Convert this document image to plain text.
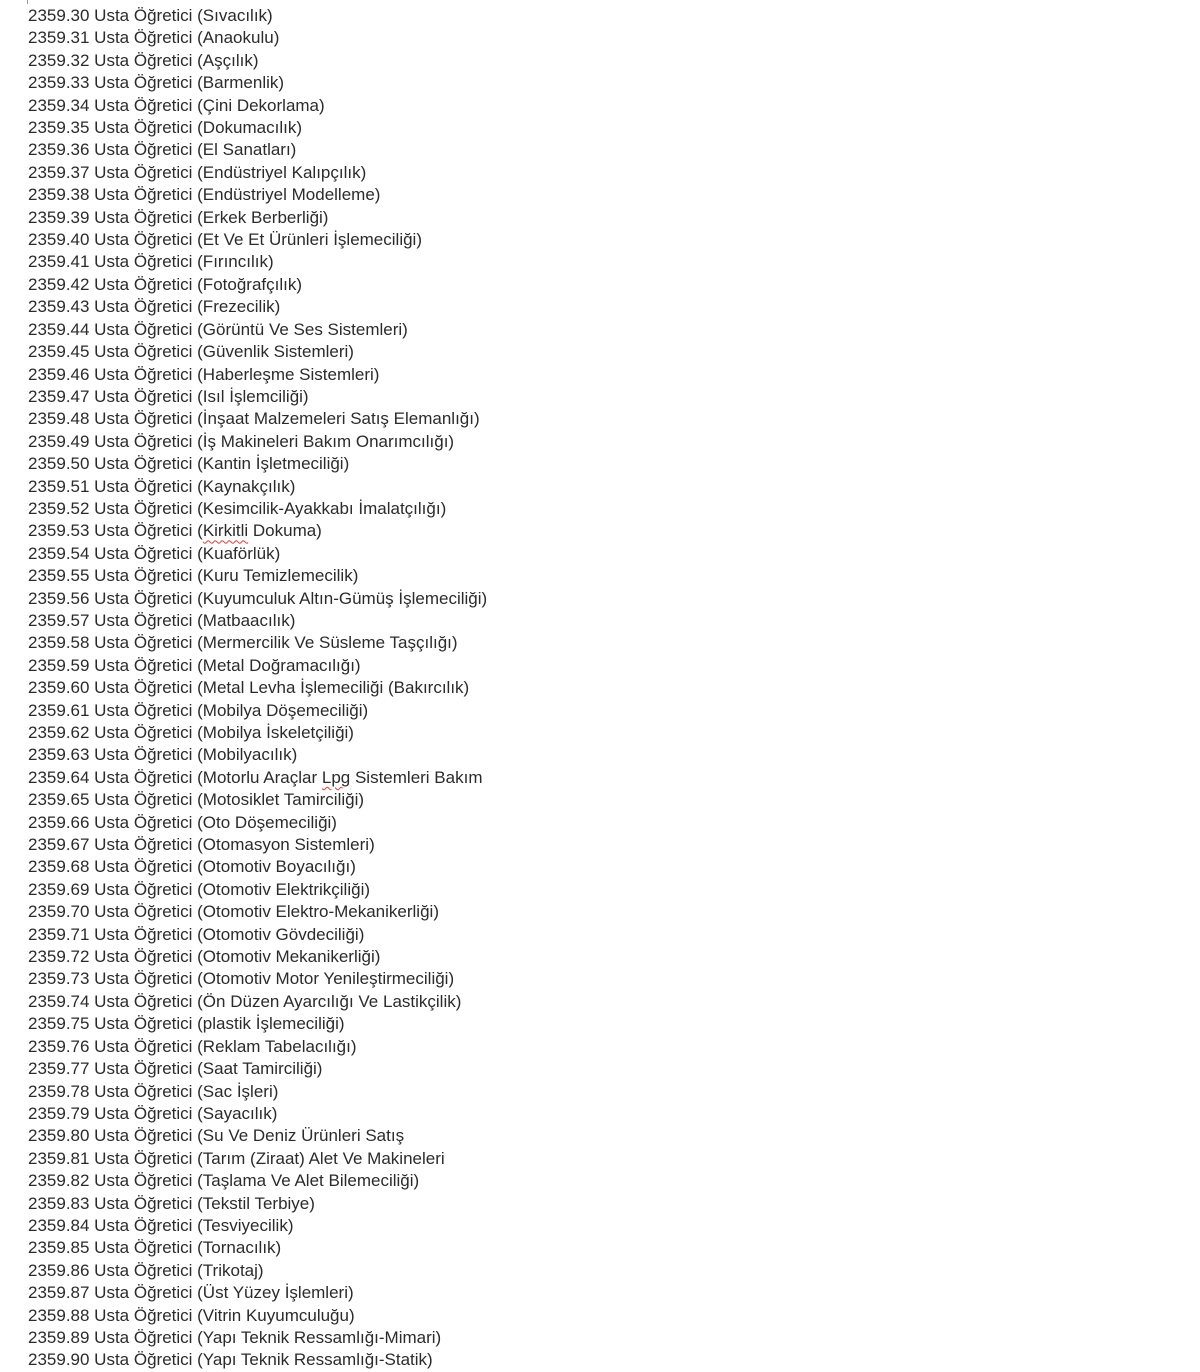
2359.30 Usta Öğretici (Sıvacılık)
2359.31 Usta Öğretici (Anaokulu)
2359.32 Usta Öğretici (Aşçılık)
2359.33 Usta Öğretici (Barmenlik)
2359.34 Usta Öğretici (Çini Dekorlama)
2359.35 Usta Öğretici (Dokumacılık)
2359.36 Usta Öğretici (El Sanatları)
2359.37 Usta Öğretici (Endüstriyel Kalıpçılık)
2359.38 Usta Öğretici (Endüstriyel Modelleme)
2359.39 Usta Öğretici (Erkek Berberliği)
2359.40 Usta Öğretici (Et Ve Et Ürünleri İşlemeciliği)
2359.41 Usta Öğretici (Fırıncılık)
2359.42 Usta Öğretici (Fotoğrafçılık)
2359.43 Usta Öğretici (Frezecilik)
2359.44 Usta Öğretici (Görüntü Ve Ses Sistemleri)
2359.45 Usta Öğretici (Güvenlik Sistemleri)
2359.46 Usta Öğretici (Haberleşme Sistemleri)
2359.47 Usta Öğretici (Isıl İşlemciliği)
2359.48 Usta Öğretici (İnşaat Malzemeleri Satış Elemanlığı)
2359.49 Usta Öğretici (İş Makineleri Bakım Onarımcılığı)
2359.50 Usta Öğretici (Kantin İşletmeciliği)
2359.51 Usta Öğretici (Kaynakçılık)
2359.52 Usta Öğretici (Kesimcilik-Ayakkabı İmalatçılığı)
2359.53 Usta Öğretici (Kirkitli Dokuma)
2359.54 Usta Öğretici (Kuaförlük)
2359.55 Usta Öğretici (Kuru Temizlemecilik)
2359.56 Usta Öğretici (Kuyumculuk Altın-Gümüş İşlemeciliği)
2359.57 Usta Öğretici (Matbaacılık)
2359.58 Usta Öğretici (Mermercilik Ve Süsleme Taşçılığı)
2359.59 Usta Öğretici (Metal Doğramacılığı)
2359.60 Usta Öğretici (Metal Levha İşlemeciliği (Bakırcılık)
2359.61 Usta Öğretici (Mobilya Döşemeciliği)
2359.62 Usta Öğretici (Mobilya İskeletçiliği)
2359.63 Usta Öğretici (Mobilyacılık)
2359.64 Usta Öğretici (Motorlu Araçlar Lpg Sistemleri Bakım
2359.65 Usta Öğretici (Motosiklet Tamirciliği)
2359.66 Usta Öğretici (Oto Döşemeciliği)
2359.67 Usta Öğretici (Otomasyon Sistemleri)
2359.68 Usta Öğretici (Otomotiv Boyacılığı)
2359.69 Usta Öğretici (Otomotiv Elektrikçiliği)
2359.70 Usta Öğretici (Otomotiv Elektro-Mekanikerliği)
2359.71 Usta Öğretici (Otomotiv Gövdeciliği)
2359.72 Usta Öğretici (Otomotiv Mekanikerliği)
2359.73 Usta Öğretici (Otomotiv Motor Yenileştirmeciliği)
2359.74 Usta Öğretici (Ön Düzen Ayarcılığı Ve Lastikçilik)
2359.75 Usta Öğretici (plastik İşlemeciliği)
2359.76 Usta Öğretici (Reklam Tabelacılığı)
2359.77 Usta Öğretici (Saat Tamirciliği)
2359.78 Usta Öğretici (Sac İşleri)
2359.79 Usta Öğretici (Sayacılık)
2359.80 Usta Öğretici (Su Ve Deniz Ürünleri Satış
2359.81 Usta Öğretici (Tarım (Ziraat) Alet Ve Makineleri
2359.82 Usta Öğretici (Taşlama Ve Alet Bilemeciliği)
2359.83 Usta Öğretici (Tekstil Terbiye)
2359.84 Usta Öğretici (Tesviyecilik)
2359.85 Usta Öğretici (Tornacılık)
2359.86 Usta Öğretici (Trikotaj)
2359.87 Usta Öğretici (Üst Yüzey İşlemleri)
2359.88 Usta Öğretici (Vitrin Kuyumculuğu)
2359.89 Usta Öğretici (Yapı Teknik Ressamlığı-Mimari)
2359.90 Usta Öğretici (Yapı Teknik Ressamlığı-Statik)
